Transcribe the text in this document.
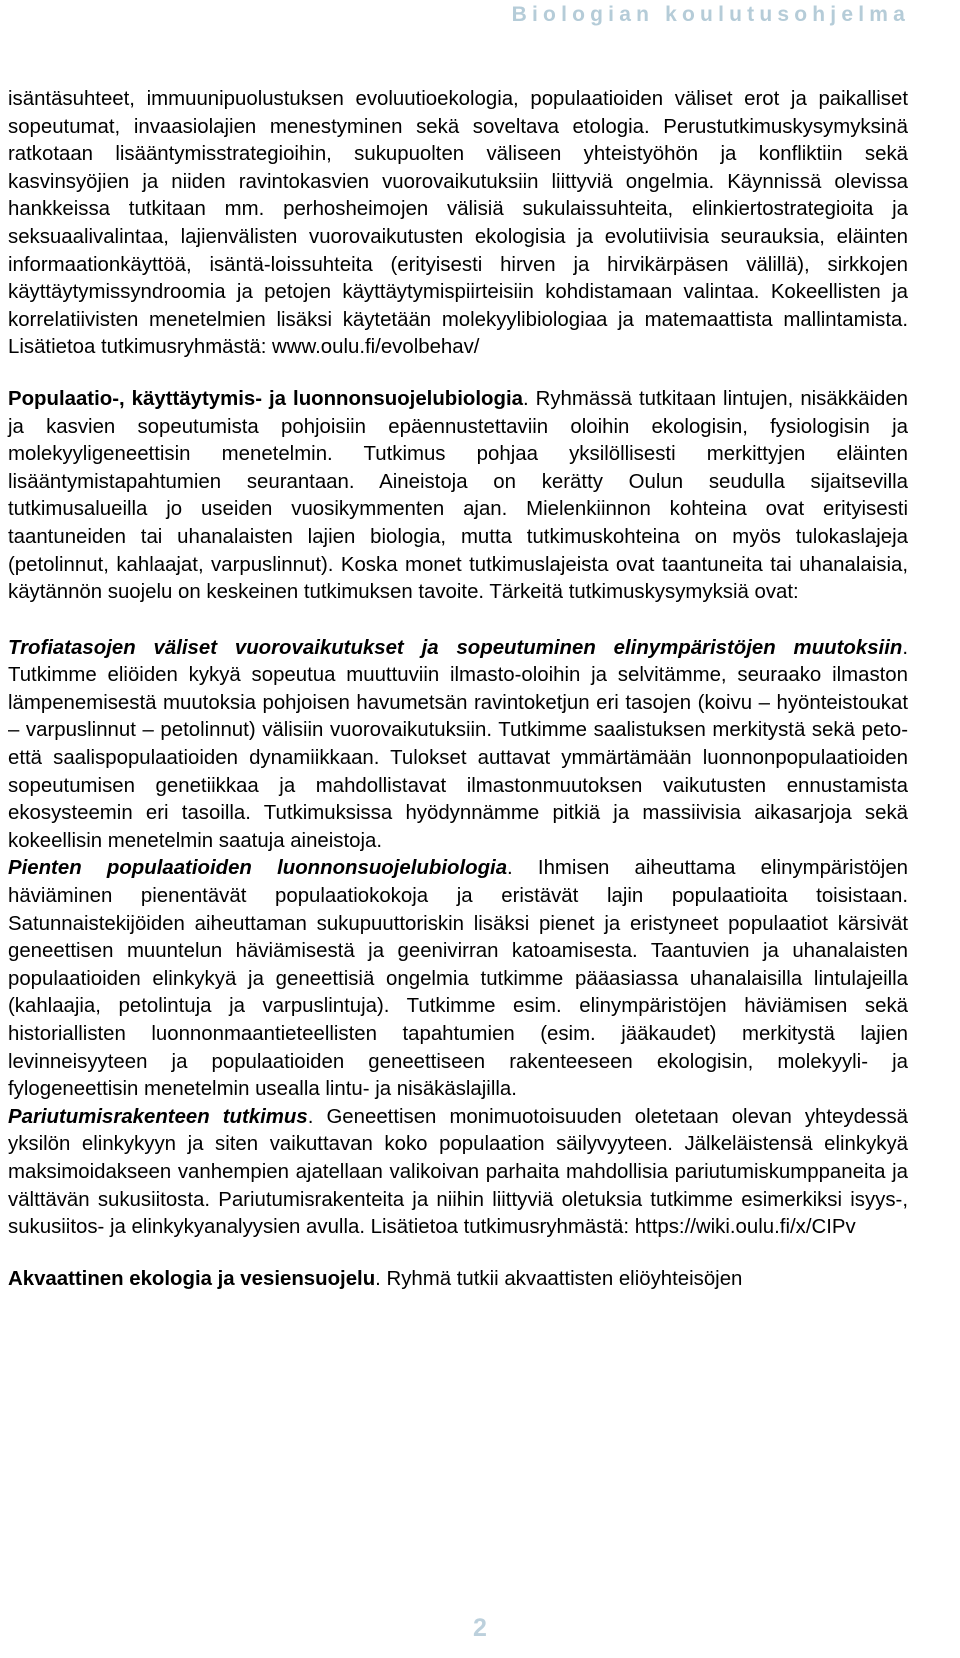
Biologian koulutusohjelma

isäntäsuhteet, immuunipuolustuksen evoluutioekologia, populaatioiden väliset erot ja paikalliset sopeutumat, invaasiolajien menestyminen sekä soveltava etologia. Perustutkimuskysymyksinä ratkotaan lisääntymisstrategioihin, sukupuolten väliseen yhteistyöhön ja konfliktiin sekä kasvinsyöjien ja niiden ravintokasvien vuorovaikutuksiin liittyviä ongelmia. Käynnissä olevissa hankkeissa tutkitaan mm. perhosheimojen välisiä sukulaissuhteita, elinkiertostrategioita ja seksuaalivalintaa, lajienvälisten vuorovaikutusten ekologisia ja evolutiivisia seurauksia, eläinten informaationkäyttöä, isäntä-loissuhteita (erityisesti hirven ja hirvikärpäsen välillä), sirkkojen käyttäytymissyndroomia ja petojen käyttäytymispiirteisiin kohdistamaan valintaa. Kokeellisten ja korrelatiivisten menetelmien lisäksi käytetään molekyylibiologiaa ja matemaattista mallintamista. Lisätietoa tutkimusryhmästä: www.oulu.fi/evolbehav/

Populaatio-, käyttäytymis- ja luonnonsuojelubiologia. Ryhmässä tutkitaan lintujen, nisäkkäiden ja kasvien sopeutumista pohjoisiin epäennustettaviin oloihin ekologisin, fysiologisin ja molekyyligeneettisin menetelmin. Tutkimus pohjaa yksilöllisesti merkittyjen eläinten lisääntymistapahtumien seurantaan. Aineistoja on kerätty Oulun seudulla sijaitsevilla tutkimusalueilla jo useiden vuosikymmenten ajan. Mielenkiinnon kohteina ovat erityisesti taantuneiden tai uhanalaisten lajien biologia, mutta tutkimuskohteina on myös tulokaslajeja (petolinnut, kahlaajat, varpuslinnut). Koska monet tutkimuslajeista ovat taantuneita tai uhanalaisia, käytännön suojelu on keskeinen tutkimuksen tavoite. Tärkeitä tutkimuskysymyksiä ovat:

Trofiatasojen väliset vuorovaikutukset ja sopeutuminen elinympäristöjen muutoksiin. Tutkimme eliöiden kykyä sopeutua muuttuviin ilmasto-oloihin ja selvitämme, seuraako ilmaston lämpenemisestä muutoksia pohjoisen havumetsän ravintoketjun eri tasojen (koivu – hyönteistoukat – varpuslinnut – petolinnut) välisiin vuorovaikutuksiin. Tutkimme saalistuksen merkitystä sekä peto- että saalispopulaatioiden dynamiikkaan. Tulokset auttavat ymmärtämään luonnonpopulaatioiden sopeutumisen genetiikkaa ja mahdollistavat ilmastonmuutoksen vaikutusten ennustamista ekosysteemin eri tasoilla. Tutkimuksissa hyödynnämme pitkiä ja massiivisia aikasarjoja sekä kokeellisin menetelmin saatuja aineistoja.

Pienten populaatioiden luonnonsuojelubiologia. Ihmisen aiheuttama elinympäristöjen häviäminen pienentävät populaatiokokoja ja eristävät lajin populaatioita toisistaan. Satunnaistekijöiden aiheuttaman sukupuuttoriskin lisäksi pienet ja eristyneet populaatiot kärsivät geneettisen muuntelun häviämisestä ja geenivirran katoamisesta. Taantuvien ja uhanalaisten populaatioiden elinkykyä ja geneettisiä ongelmia tutkimme pääasiassa uhanalaisilla lintulajeilla (kahlaajia, petolintuja ja varpuslintuja). Tutkimme esim. elinympäristöjen häviämisen sekä historiallisten luonnonmaantieteellisten tapahtumien (esim. jääkaudet) merkitystä lajien levinneisyyteen ja populaatioiden geneettiseen rakenteeseen ekologisin, molekyyli- ja fylogeneettisin menetelmin usealla lintu- ja nisäkäslajilla.

Pariutumisrakenteen tutkimus. Geneettisen monimuotoisuuden oletetaan olevan yhteydessä yksilön elinkykyyn ja siten vaikuttavan koko populaation säilyvyyteen. Jälkeläistensä elinkykyä maksimoidakseen vanhempien ajatellaan valikoivan parhaita mahdollisia pariutumiskumppaneita ja välttävän sukusiitosta. Pariutumisrakenteita ja niihin liittyviä oletuksia tutkimme esimerkiksi isyys-, sukusiitos- ja elinkykyanalyysien avulla. Lisätietoa tutkimusryhmästä: https://wiki.oulu.fi/x/CIPv

Akvaattinen ekologia ja vesiensuojelu. Ryhmä tutkii akvaattisten eliöyhteisöjen

2
